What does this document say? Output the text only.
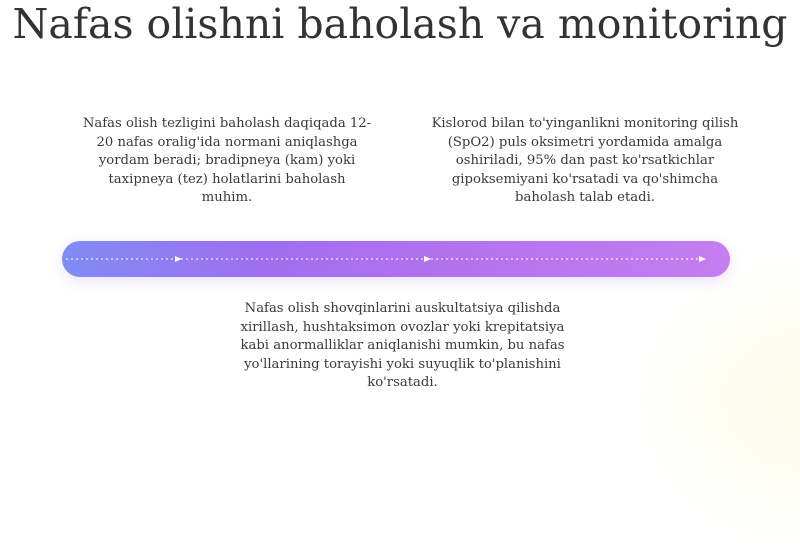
Nafas olishni baholash va monitoring

Nafas olish tezligini baholash daqiqada 12-20 nafas oralig'ida normani aniqlashga yordam beradi; bradipneya (kam) yoki taxipneya (tez) holatlarini baholash muhim.

Kislorod bilan to'yinganlikni monitoring qilish (SpO2) puls oksimetri yordamida amalga oshiriladi, 95% dan past ko'rsatkichlar gipoksemiyani ko'rsatadi va qo'shimcha baholash talab etadi.

Nafas olish shovqinlarini auskultatsiya qilishda xirillash, hushtaksimon ovozlar yoki krepitatsiya kabi anormalliklar aniqlanishi mumkin, bu nafas yo'llarining torayishi yoki suyuqlik to'planishini ko'rsatadi.
